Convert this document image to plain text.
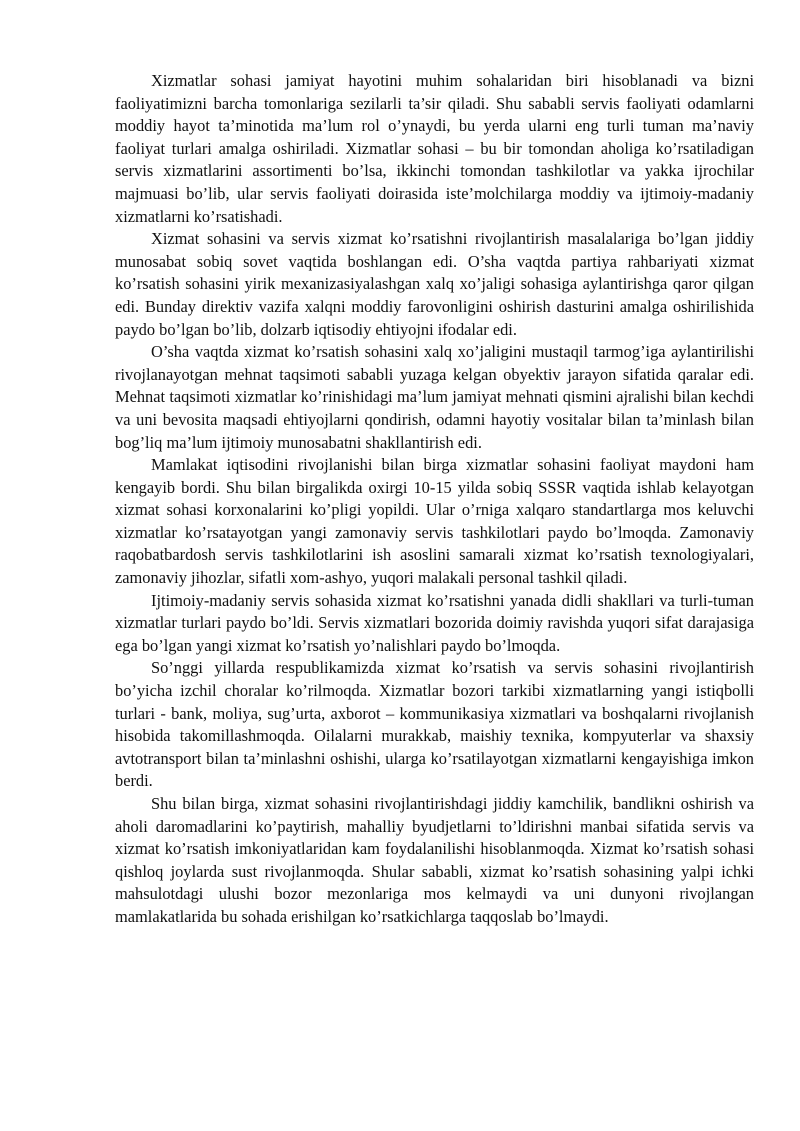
Xizmatlar sohasi jamiyat hayotini muhim sohalaridan biri hisoblanadi va bizni faoliyatimizni barcha tomonlariga sezilarli ta’sir qiladi. Shu sababli servis faoliyati odamlarni moddiy hayot ta’minotida ma’lum rol o’ynaydi, bu yerda ularni eng turli tuman ma’naviy faoliyat turlari amalga oshiriladi. Xizmatlar sohasi – bu bir tomondan aholiga ko’rsatiladigan servis xizmatlarini assortimenti bo’lsa, ikkinchi tomondan tashkilotlar va yakka ijrochilar majmuasi bo’lib, ular servis faoliyati doirasida iste’molchilarga moddiy va ijtimoiy-madaniy xizmatlarni ko’rsatishadi.

Xizmat sohasini va servis xizmat ko’rsatishni rivojlantirish masalalariga bo’lgan jiddiy munosabat sobiq sovet vaqtida boshlangan edi. O’sha vaqtda partiya rahbariyati xizmat ko’rsatish sohasini yirik mexanizasiyalashgan xalq xo’jaligi sohasiga aylantirishga qaror qilgan edi. Bunday direktiv vazifa xalqni moddiy farovonligini oshirish dasturini amalga oshirilishida paydo bo’lgan bo’lib, dolzarb iqtisodiy ehtiyojni ifodalar edi.

O’sha vaqtda xizmat ko’rsatish sohasini xalq xo’jaligini mustaqil tarmog’iga aylantirilishi rivojlanayotgan mehnat taqsimoti sababli yuzaga kelgan obyektiv jarayon sifatida qaralar edi. Mehnat taqsimoti xizmatlar ko’rinishidagi ma’lum jamiyat mehnati qismini ajralishi bilan kechdi va uni bevosita maqsadi ehtiyojlarni qondirish, odamni hayotiy vositalar bilan ta’minlash bilan bog’liq ma’lum ijtimoiy munosabatni shakllantirish edi.

Mamlakat iqtisodini rivojlanishi bilan birga xizmatlar sohasini faoliyat maydoni ham kengayib bordi. Shu bilan birgalikda oxirgi 10-15 yilda sobiq SSSR vaqtida ishlab kelayotgan xizmat sohasi korxonalarini ko’pligi yopildi. Ular o’rniga xalqaro standartlarga mos keluvchi xizmatlar ko’rsatayotgan yangi zamonaviy servis tashkilotlari paydo bo’lmoqda. Zamonaviy raqobatbardosh servis tashkilotlarini ish asoslini samarali xizmat ko’rsatish texnologiyalari, zamonaviy jihozlar, sifatli xom-ashyo, yuqori malakali personal tashkil qiladi.

Ijtimoiy-madaniy servis sohasida xizmat ko’rsatishni yanada didli shakllari va turli-tuman xizmatlar turlari paydo bo’ldi. Servis xizmatlari bozorida doimiy ravishda yuqori sifat darajasiga ega bo’lgan yangi xizmat ko’rsatish yo’nalishlari paydo bo’lmoqda.

So’nggi yillarda respublikamizda xizmat ko’rsatish va servis sohasini rivojlantirish bo’yicha izchil choralar ko’rilmoqda. Xizmatlar bozori tarkibi xizmatlarning yangi istiqbolli turlari - bank, moliya, sug’urta, axborot – kommunikasiya xizmatlari va boshqalarni rivojlanish hisobida takomillashmoqda. Oilalarni murakkab, maishiy texnika, kompyuterlar va shaxsiy avtotransport bilan ta’minlashni oshishi, ularga ko’rsatilayotgan xizmatlarni kengayishiga imkon berdi.

Shu bilan birga, xizmat sohasini rivojlantirishdagi jiddiy kamchilik, bandlikni oshirish va aholi daromadlarini ko’paytirish, mahalliy byudjetlarni to’ldirishni manbai sifatida servis va xizmat ko’rsatish imkoniyatlaridan kam foydalanilishi hisoblanmoqda. Xizmat ko’rsatish sohasi qishloq joylarda sust rivojlanmoqda. Shular sababli, xizmat ko’rsatish sohasining yalpi ichki mahsulotdagi ulushi bozor mezonlariga mos kelmaydi va uni dunyoni rivojlangan mamlakatlarida bu sohada erishilgan ko’rsatkichlarga taqqoslab bo’lmaydi.
